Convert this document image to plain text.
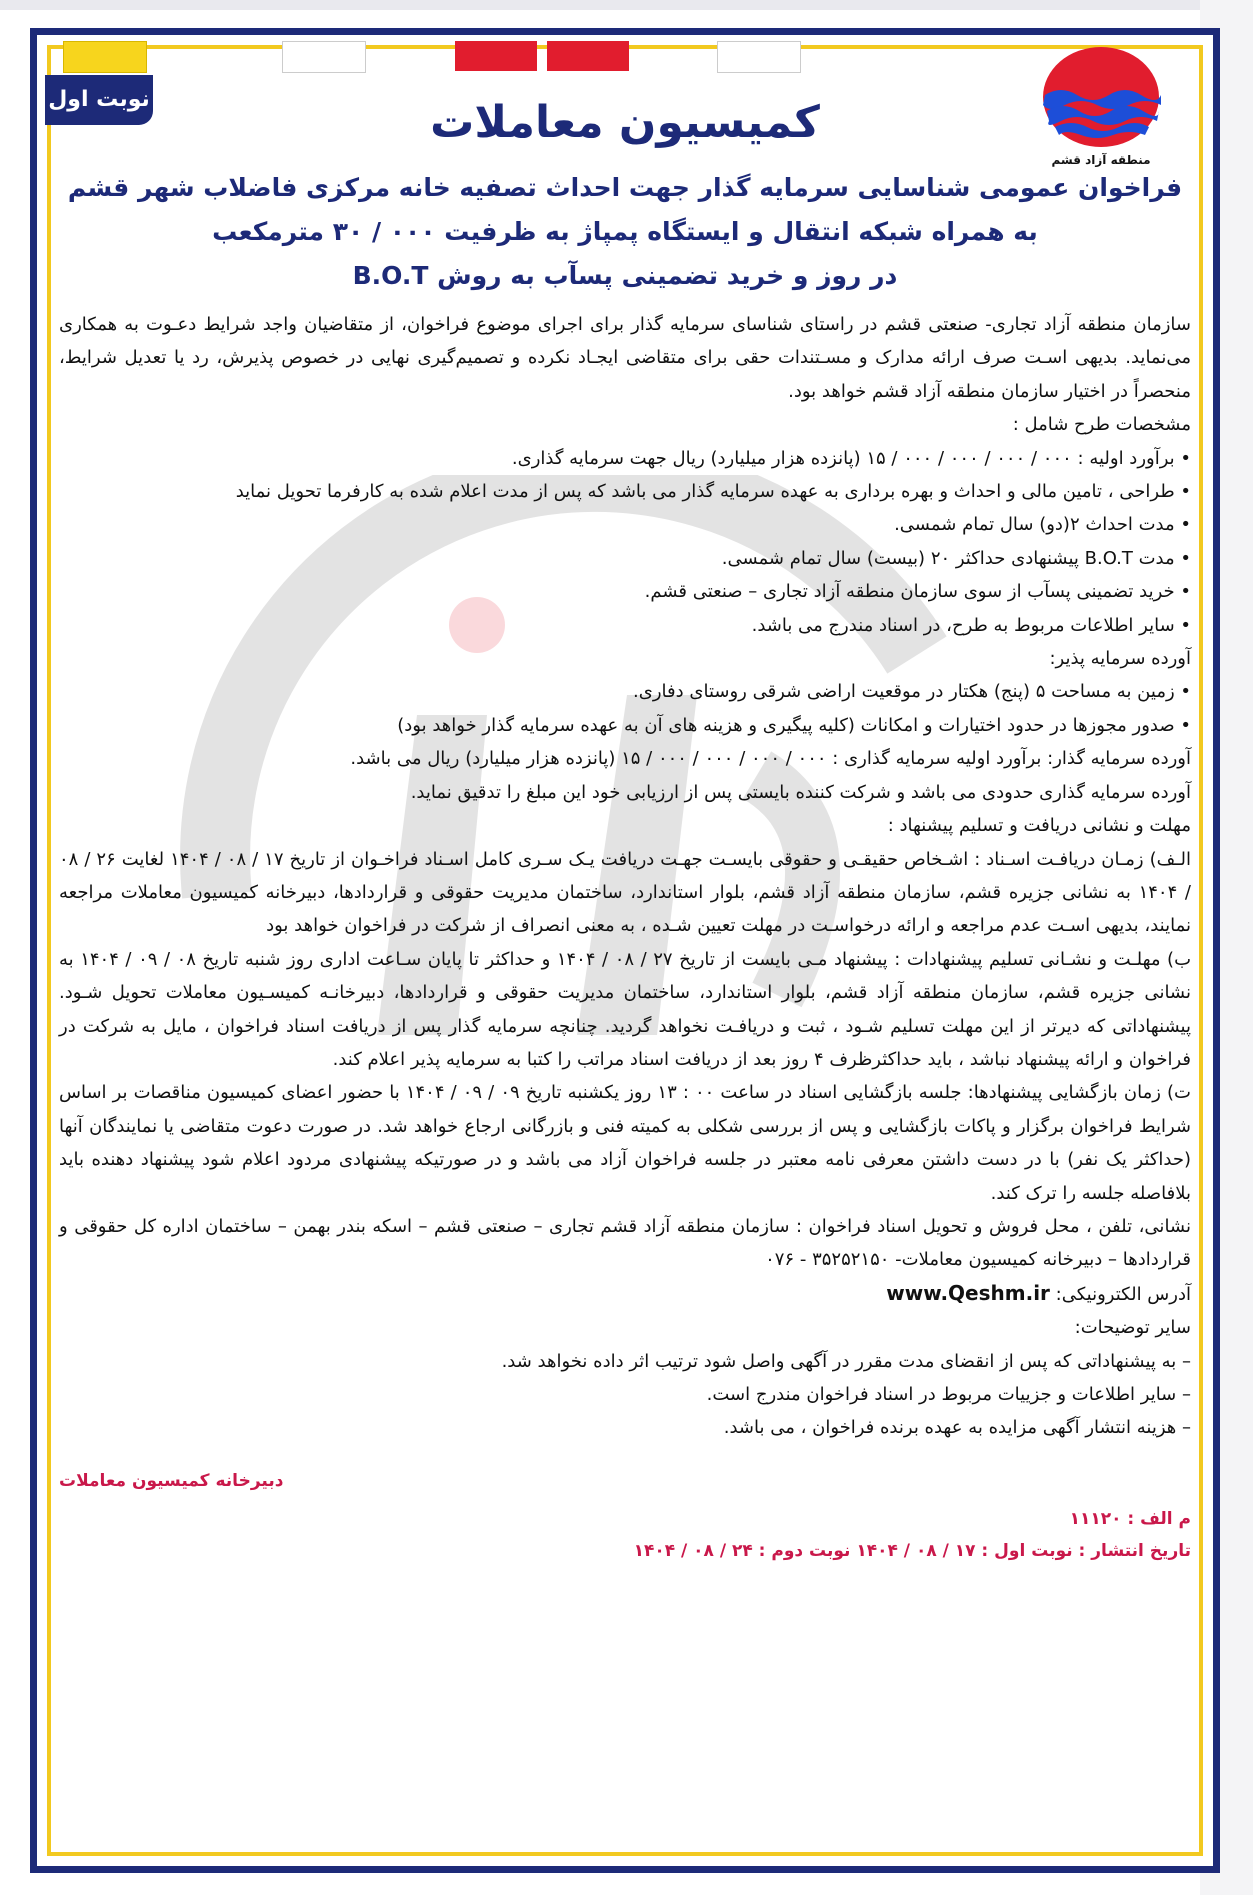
نوبت اول
منطقه آزاد قشم
کمیسیون معاملات

فراخوان عمومی شناسایی سرمایه گذار جهت احداث تصفیه خانه مرکزی فاضلاب شهر قشم

به همراه شبکه انتقال و ایستگاه پمپاژ به ظرفیت ۰۰۰ / ۳۰ مترمکعب

در روز و خرید تضمینی پسآب به روش B.O.T

سازمان منطقه آزاد تجاری- صنعتی قشم در راستای شناسای سرمایه گذار برای اجرای موضوع فراخوان، از متقاضیان واجد شرایط دعـوت به همکاری می‌نماید. بدیهی اسـت صرف ارائه مدارک و مسـتندات حقی برای متقاضی ایجـاد نکرده و تصمیم‌گیری نهایی در خصوص پذیرش، رد یا تعدیل شرایط، منحصراً در اختیار سازمان منطقه آزاد قشم خواهد بود.

مشخصات طرح شامل :

• برآورد اولیه : ۰۰۰ / ۰۰۰ / ۰۰۰ / ۰۰۰ / ۱۵ (پانزده هزار میلیارد) ریال جهت سرمایه گذاری.

• طراحی ، تامین مالی و احداث و بهره برداری به عهده سرمایه گذار می باشد که پس از مدت اعلام شده به کارفرما تحویل نماید

• مدت احداث ۲(دو) سال تمام شمسی.

• مدت B.O.T پیشنهادی حداکثر ۲۰ (بیست) سال تمام شمسی.

• خرید تضمینی پسآب از سوی سازمان منطقه آزاد تجاری – صنعتی قشم.

• سایر اطلاعات مربوط به طرح، در اسناد مندرج می باشد.

آورده سرمایه پذیر:

• زمین به مساحت ۵ (پنج) هکتار در موقعیت اراضی شرقی روستای دفاری.

• صدور مجوزها در حدود اختیارات و امکانات (کلیه پیگیری و هزینه های آن به عهده سرمایه گذار خواهد بود)

آورده سرمایه گذار: برآورد اولیه سرمایه گذاری : ۰۰۰ / ۰۰۰ / ۰۰۰ / ۰۰۰ / ۱۵ (پانزده هزار میلیارد) ریال می باشد.

آورده سرمایه گذاری حدودی می باشد و شرکت کننده بایستی پس از ارزیابی خود این مبلغ را تدقیق نماید.

مهلت و نشانی دریافت و تسلیم پیشنهاد :

الـف) زمـان دریافـت اسـناد : اشـخاص حقیقـی و حقوقی بایسـت جهـت دریافت یـک سـری کامل اسـناد فراخـوان از تاریخ ۱۷ / ۰۸ / ۱۴۰۴ لغایت ۲۶ / ۰۸ / ۱۴۰۴ به نشانی جزیره قشم، سازمان منطقه آزاد قشم، بلوار استاندارد، ساختمان مدیریت حقوقی و قراردادها، دبیرخانه کمیسیون معاملات مراجعه نمایند، بدیهی اسـت عدم مراجعه و ارائه درخواسـت در مهلت تعیین شـده ، به معنی انصراف از شرکت در فراخوان خواهد بود

ب) مهلـت و نشـانی تسلیم پیشنهادات : پیشنهاد مـی بایست از تاریخ ۲۷ / ۰۸ / ۱۴۰۴ و حداکثر تا پایان سـاعت اداری روز شنبه تاریخ ۰۸ / ۰۹ / ۱۴۰۴ به نشانی جزیره قشم، سازمان منطقه آزاد قشم، بلوار استاندارد، ساختمان مدیریت حقوقی و قراردادها، دبیرخانـه کمیسـیون معاملات تحویل شـود. پیشنهاداتی که دیرتر از این مهلت تسلیم شـود ، ثبت و دریافـت نخواهد گردید. چنانچه سرمایه گذار پس از دریافت اسناد فراخوان ، مایل به شرکت در فراخوان و ارائه پیشنهاد نباشد ، باید حداکثرظرف ۴ روز بعد از دریافت اسناد مراتب را کتبا به سرمایه پذیر اعلام کند.

ت) زمان بازگشایی پیشنهادها: جلسه بازگشایی اسناد در ساعت ۰۰ : ۱۳ روز یکشنبه تاریخ ۰۹ / ۰۹ / ۱۴۰۴ با حضور اعضای کمیسیون مناقصات بر اساس شرایط فراخوان برگزار و پاکات بازگشایی و پس از بررسی شکلی به کمیته فنی و بازرگانی ارجاع خواهد شد. در صورت دعوت متقاضی یا نمایندگان آنها (حداکثر یک نفر) با در دست داشتن معرفی نامه معتبر در جلسه فراخوان آزاد می باشد و در صورتیکه پیشنهادی مردود اعلام شود پیشنهاد دهنده باید بلافاصله جلسه را ترک کند.

نشانی، تلفن ، محل فروش و تحویل اسناد فراخوان : سازمان منطقه آزاد قشم تجاری – صنعتی قشم – اسکه بندر بهمن – ساختمان اداره کل حقوقی و قراردادها – دبیرخانه کمیسیون معاملات- ۳۵۲۵۲۱۵۰ - ۰۷۶

آدرس الکترونیکی: www.Qeshm.ir

سایر توضیحات:

– به پیشنهاداتی که پس از انقضای مدت مقرر در آگهی واصل شود ترتیب اثر داده نخواهد شد.

– سایر اطلاعات و جزییات مربوط در اسناد فراخوان مندرج است.

– هزینه انتشار آگهی مزایده به عهده برنده فراخوان ، می باشد.

دبیرخانه کمیسیون معاملات
م الف : ۱۱۱۲۰
تاریخ انتشار : نوبت اول : ۱۷ / ۰۸ / ۱۴۰۴ نوبت دوم : ۲۴ / ۰۸ / ۱۴۰۴
